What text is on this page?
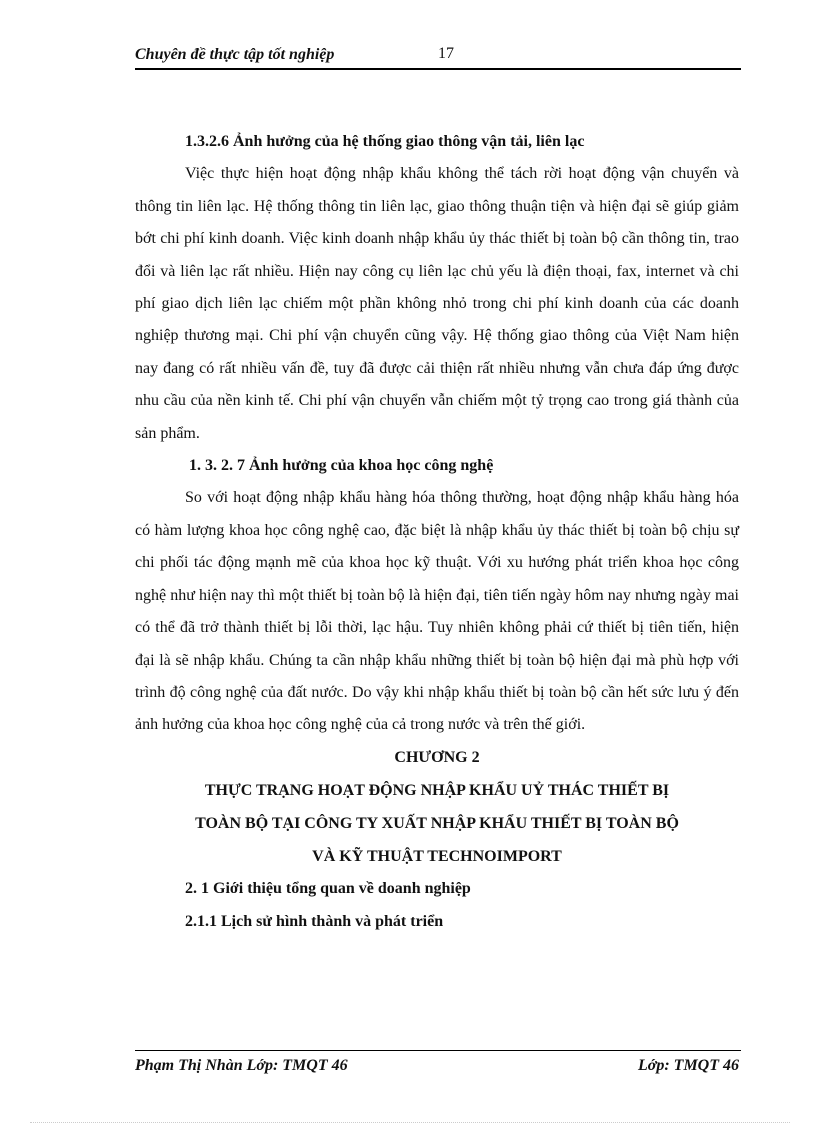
Chuyên đề thực tập tốt nghiệp	17

1.3.2.6 Ảnh hưởng của hệ thống giao thông vận tải, liên lạc

Việc thực hiện hoạt động nhập khẩu không thể tách rời hoạt động vận chuyển và thông tin liên lạc. Hệ thống thông tin liên lạc, giao thông thuận tiện và hiện đại sẽ giúp giảm bớt chi phí kinh doanh. Việc kinh doanh nhập khẩu ủy thác thiết bị toàn bộ cần thông tin, trao đổi và liên lạc rất nhiều. Hiện nay công cụ liên lạc chủ yếu là điện thoại, fax, internet và chi phí giao dịch liên lạc chiếm một phần không nhỏ trong chi phí kinh doanh của các doanh nghiệp thương mại. Chi phí vận chuyển cũng vậy. Hệ thống giao thông của Việt Nam hiện nay đang có rất nhiều vấn đề, tuy đã được cải thiện rất nhiều nhưng vẫn chưa đáp ứng được nhu cầu của nền kinh tế. Chi phí vận chuyển vẫn chiếm một tỷ trọng cao trong giá thành của sản phẩm.

1. 3. 2. 7 Ảnh hưởng của khoa học công nghệ

So với hoạt động nhập khẩu hàng hóa thông thường, hoạt động nhập khẩu hàng hóa có hàm lượng khoa học công nghệ cao, đặc biệt là nhập khẩu ủy thác thiết bị toàn bộ chịu sự chi phối tác động mạnh mẽ của khoa học kỹ thuật. Với xu hướng phát triển khoa học công nghệ như hiện nay thì một thiết bị toàn bộ là hiện đại, tiên tiến ngày hôm nay nhưng ngày mai có thể đã trở thành thiết bị lỗi thời, lạc hậu. Tuy nhiên không phải cứ thiết bị tiên tiến, hiện đại là sẽ nhập khẩu. Chúng ta cần nhập khẩu những thiết bị toàn bộ hiện đại mà phù hợp với trình độ công nghệ của đất nước. Do vậy khi nhập khẩu thiết bị toàn bộ cần hết sức lưu ý đến ảnh hưởng của khoa học công nghệ của cả trong nước và trên thế giới.

CHƯƠNG 2

THỰC TRẠNG HOẠT ĐỘNG NHẬP KHẨU UỶ THÁC THIẾT BỊ

TOÀN BỘ TẠI CÔNG TY XUẤT NHẬP KHẨU THIẾT BỊ TOÀN BỘ

VÀ KỸ THUẬT TECHNOIMPORT

2. 1 Giới thiệu tổng quan về doanh nghiệp

2.1.1 Lịch sử hình thành và phát triển

Phạm Thị Nhàn Lớp: TMQT 46	Lớp: TMQT 46
